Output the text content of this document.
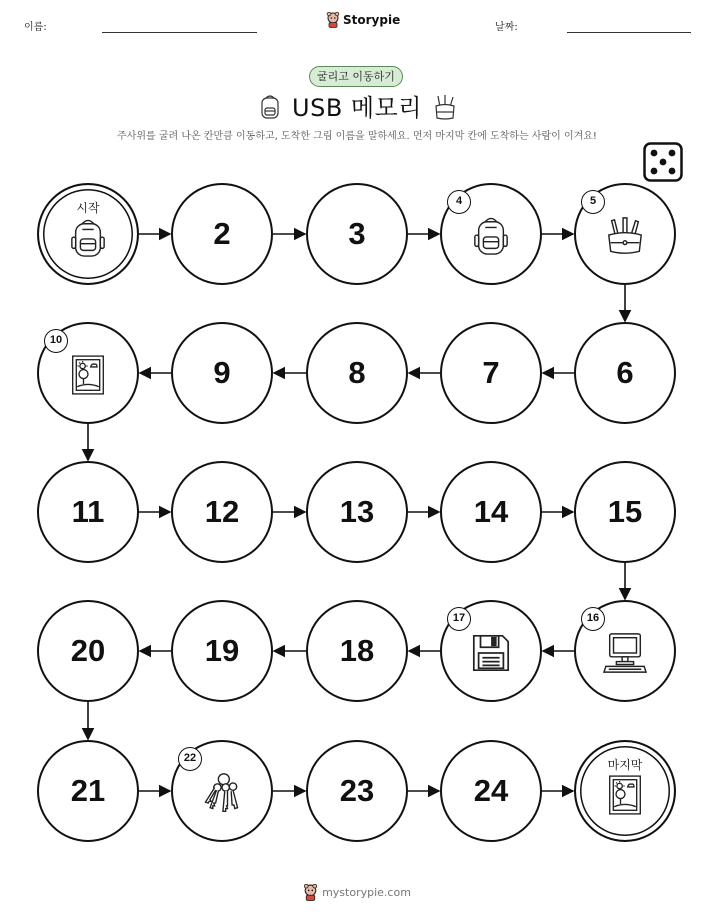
이름:
Storypie
날짜:
굴리고 이동하기
USB 메모리
주사위를 굴려 나온 칸만큼 이동하고, 도착한 그림 이름을 말하세요. 먼저 마지막 칸에 도착하는 사람이 이겨요!
시작
2	3
4	5
6
7
8
9
10
11	12	13	14	15
16
17
18
19
20
21
22
23	24
마지막
mystorypie.com
